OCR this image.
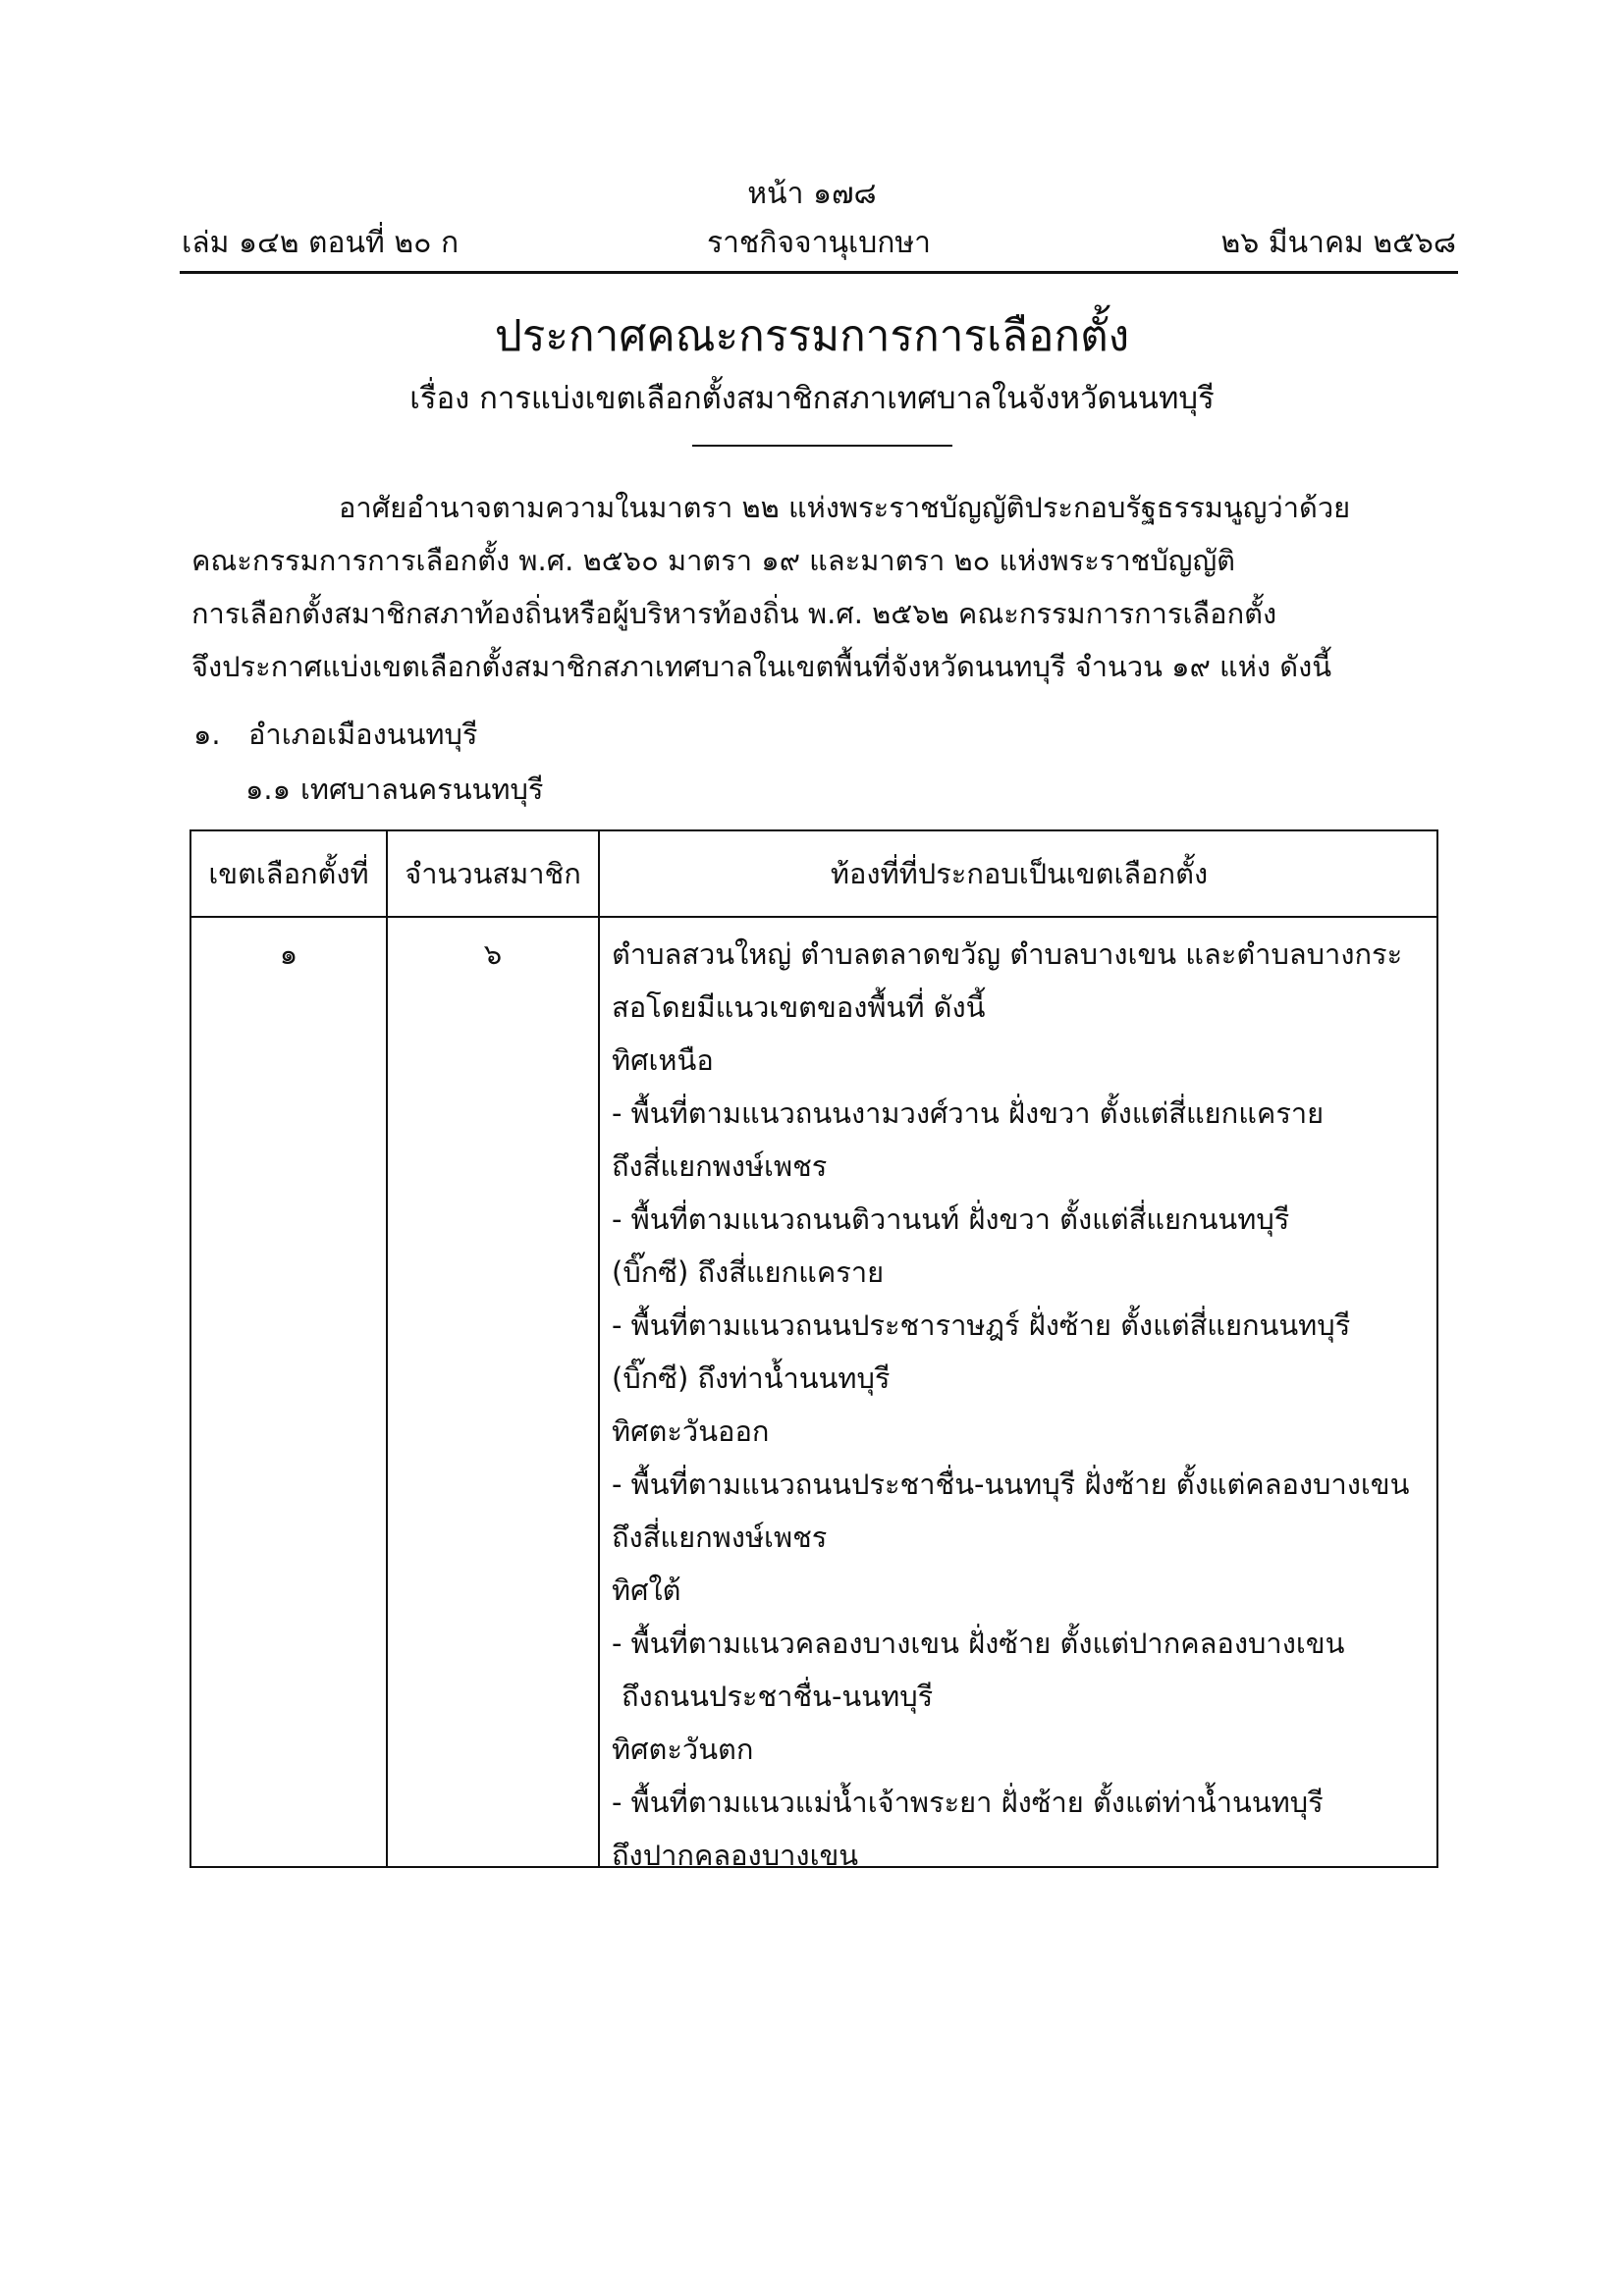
หน้า ๑๗๘
เล่ม ๑๔๒ ตอนที่ ๒๐ ก	ราชกิจจานุเบกษา	๒๖ มีนาคม ๒๕๖๘
ประกาศคณะกรรมการการเลือกตั้ง
เรื่อง การแบ่งเขตเลือกตั้งสมาชิกสภาเทศบาลในจังหวัดนนทบุรี
อาศัยอำนาจตามความในมาตรา ๒๒ แห่งพระราชบัญญัติประกอบรัฐธรรมนูญว่าด้วย
คณะกรรมการการเลือกตั้ง พ.ศ. ๒๕๖๐ มาตรา ๑๙ และมาตรา ๒๐ แห่งพระราชบัญญัติ
การเลือกตั้งสมาชิกสภาท้องถิ่นหรือผู้บริหารท้องถิ่น พ.ศ. ๒๕๖๒ คณะกรรมการการเลือกตั้ง
จึงประกาศแบ่งเขตเลือกตั้งสมาชิกสภาเทศบาลในเขตพื้นที่จังหวัดนนทบุรี จำนวน ๑๙ แห่ง ดังนี้
๑. อำเภอเมืองนนทบุรี
๑.๑ เทศบาลนครนนทบุรี
เขตเลือกตั้งที่	จำนวนสมาชิก	ท้องที่ที่ประกอบเป็นเขตเลือกตั้ง
๑	๖	ตำบลสวนใหญ่ ตำบลตลาดขวัญ ตำบลบางเขน และตำบลบางกระ
สอโดยมีแนวเขตของพื้นที่ ดังนี้
ทิศเหนือ
- พื้นที่ตามแนวถนนงามวงศ์วาน ฝั่งขวา ตั้งแต่สี่แยกแคราย
ถึงสี่แยกพงษ์เพชร
- พื้นที่ตามแนวถนนติวานนท์ ฝั่งขวา ตั้งแต่สี่แยกนนทบุรี
(บิ๊กซี) ถึงสี่แยกแคราย
- พื้นที่ตามแนวถนนประชาราษฎร์ ฝั่งซ้าย ตั้งแต่สี่แยกนนทบุรี
(บิ๊กซี) ถึงท่าน้ำนนทบุรี
ทิศตะวันออก
- พื้นที่ตามแนวถนนประชาชื่น-นนทบุรี ฝั่งซ้าย ตั้งแต่คลองบางเขน
ถึงสี่แยกพงษ์เพชร
ทิศใต้
- พื้นที่ตามแนวคลองบางเขน ฝั่งซ้าย ตั้งแต่ปากคลองบางเขน
ถึงถนนประชาชื่น-นนทบุรี
ทิศตะวันตก
- พื้นที่ตามแนวแม่น้ำเจ้าพระยา ฝั่งซ้าย ตั้งแต่ท่าน้ำนนทบุรี
ถึงปากคลองบางเขน
